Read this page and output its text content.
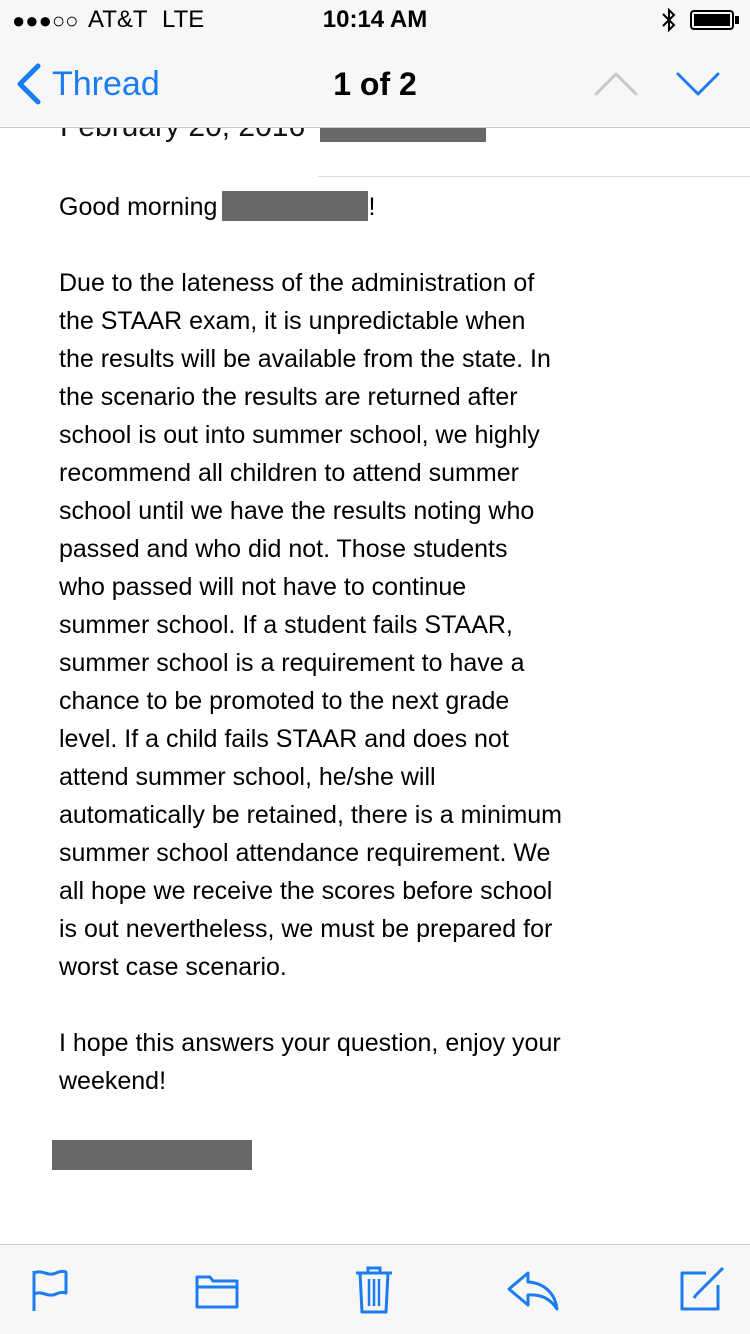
●●●○○ AT&T LTE	10:14 AM
Thread	1 of 2
Good morning	!
Due to the lateness of the administration of
the STAAR exam, it is unpredictable when
the results will be available from the state. In
the scenario the results are returned after
school is out into summer school, we highly
recommend all children to attend summer
school until we have the results noting who
passed and who did not. Those students
who passed will not have to continue
summer school. If a student fails STAAR,
summer school is a requirement to have a
chance to be promoted to the next grade
level. If a child fails STAAR and does not
attend summer school, he/she will
automatically be retained, there is a minimum
summer school attendance requirement. We
all hope we receive the scores before school
is out nevertheless, we must be prepared for
worst case scenario.
I hope this answers your question, enjoy your
weekend!
